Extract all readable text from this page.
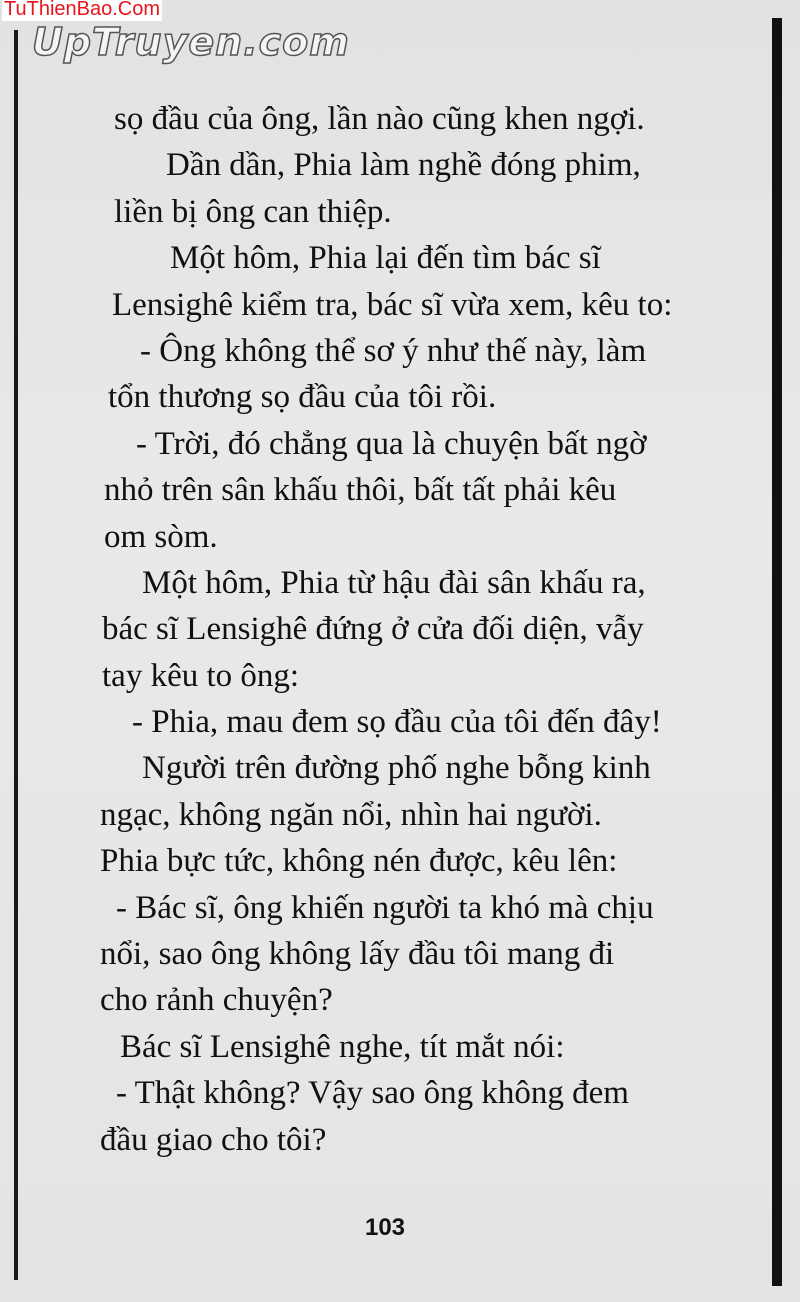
TuThienBao.Com
UpTruyen.com
sọ đầu của ông, lần nào cũng khen ngợi.
Dần dần, Phia làm nghề đóng phim,
liền bị ông can thiệp.
Một hôm, Phia lại đến tìm bác sĩ
Lensighê kiểm tra, bác sĩ vừa xem, kêu to:
- Ông không thể sơ ý như thế này, làm
tổn thương sọ đầu của tôi rồi.
- Trời, đó chẳng qua là chuyện bất ngờ
nhỏ trên sân khấu thôi, bất tất phải kêu
om sòm.
Một hôm, Phia từ hậu đài sân khấu ra,
bác sĩ Lensighê đứng ở cửa đối diện, vẫy
tay kêu to ông:
- Phia, mau đem sọ đầu của tôi đến đây!
Người trên đường phố nghe bỗng kinh
ngạc, không ngăn nổi, nhìn hai người.
Phia bực tức, không nén được, kêu lên:
- Bác sĩ, ông khiến người ta khó mà chịu
nổi, sao ông không lấy đầu tôi mang đi
cho rảnh chuyện?
Bác sĩ Lensighê nghe, tít mắt nói:
- Thật không? Vậy sao ông không đem
đầu giao cho tôi?
103
